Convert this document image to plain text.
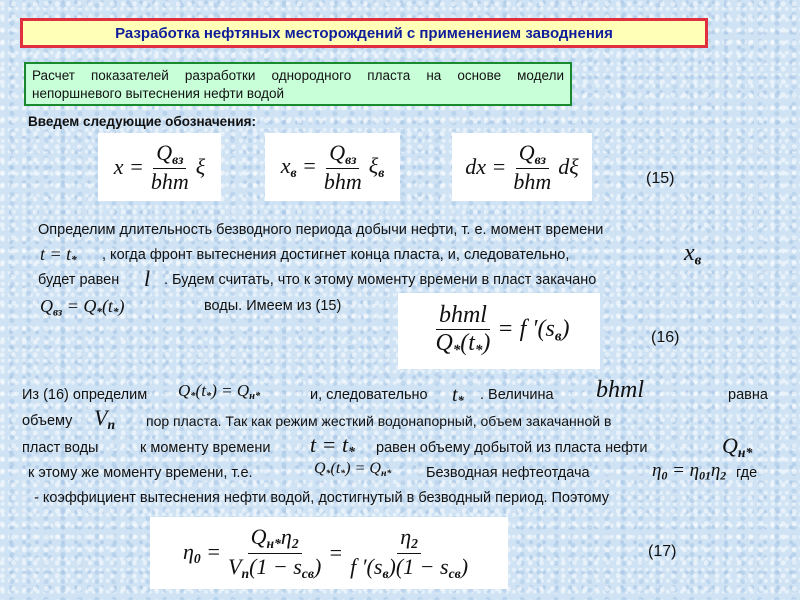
Разработка нефтяных месторождений с применением заводнения
Расчет показателей разработки однородного пласта на основе модели непоршневого вытеснения нефти водой
Введем следующие обозначения:
$x = \frac{Q_{вз}}{\text{bhm}}$ ξ	$x_в = \frac{Q_{вз}}{\text{bhm}} \xi_в$	dx = $\frac{Q_{вз}}{\text{bhm}}$ dξ	(15)
Определим длительность безводного периода добычи нефти, т. е. момент времени
$t = t_*$ , когда фронт вытеснения достигнет конца пласта, и, следовательно,	$x_в$
будет равен l . Будем считать, что к этому моменту времени в пласт закачано
$Q_{вз} = Q_*(t_*)$	воды. Имеем из (15)	$\frac{\text{bhml}}{Q_*(t_*)} = f$ $'(s_в)$	(16)
Из (16) определим $Q_*(t_*) = Q_{н*}$	и, следовательно $t_*$ . Величина bhml	равна
объему $V_п$ пор пласта. Так как режим жесткий водонапорный, объем закачанной в
пласт воды	к моменту времени $t = t_*$ равен объему добытой из пласта нефти	$Q_{н*}$
к этому же моменту времени, т.е.	$Q_*(t_*) = Q_{н*}$ Безводная нефтеотдача	$\eta_0 = \eta_{01}\eta_2$ где
- коэффициент вытеснения нефти водой, достигнутый в безводный период. Поэтому
$\eta_0 = \frac{Q_{н*}\eta_2}{V_п(1 - s_{св})} = \frac{\eta_2}{f '(s_в)(1 - s_{св})}$	(17)
